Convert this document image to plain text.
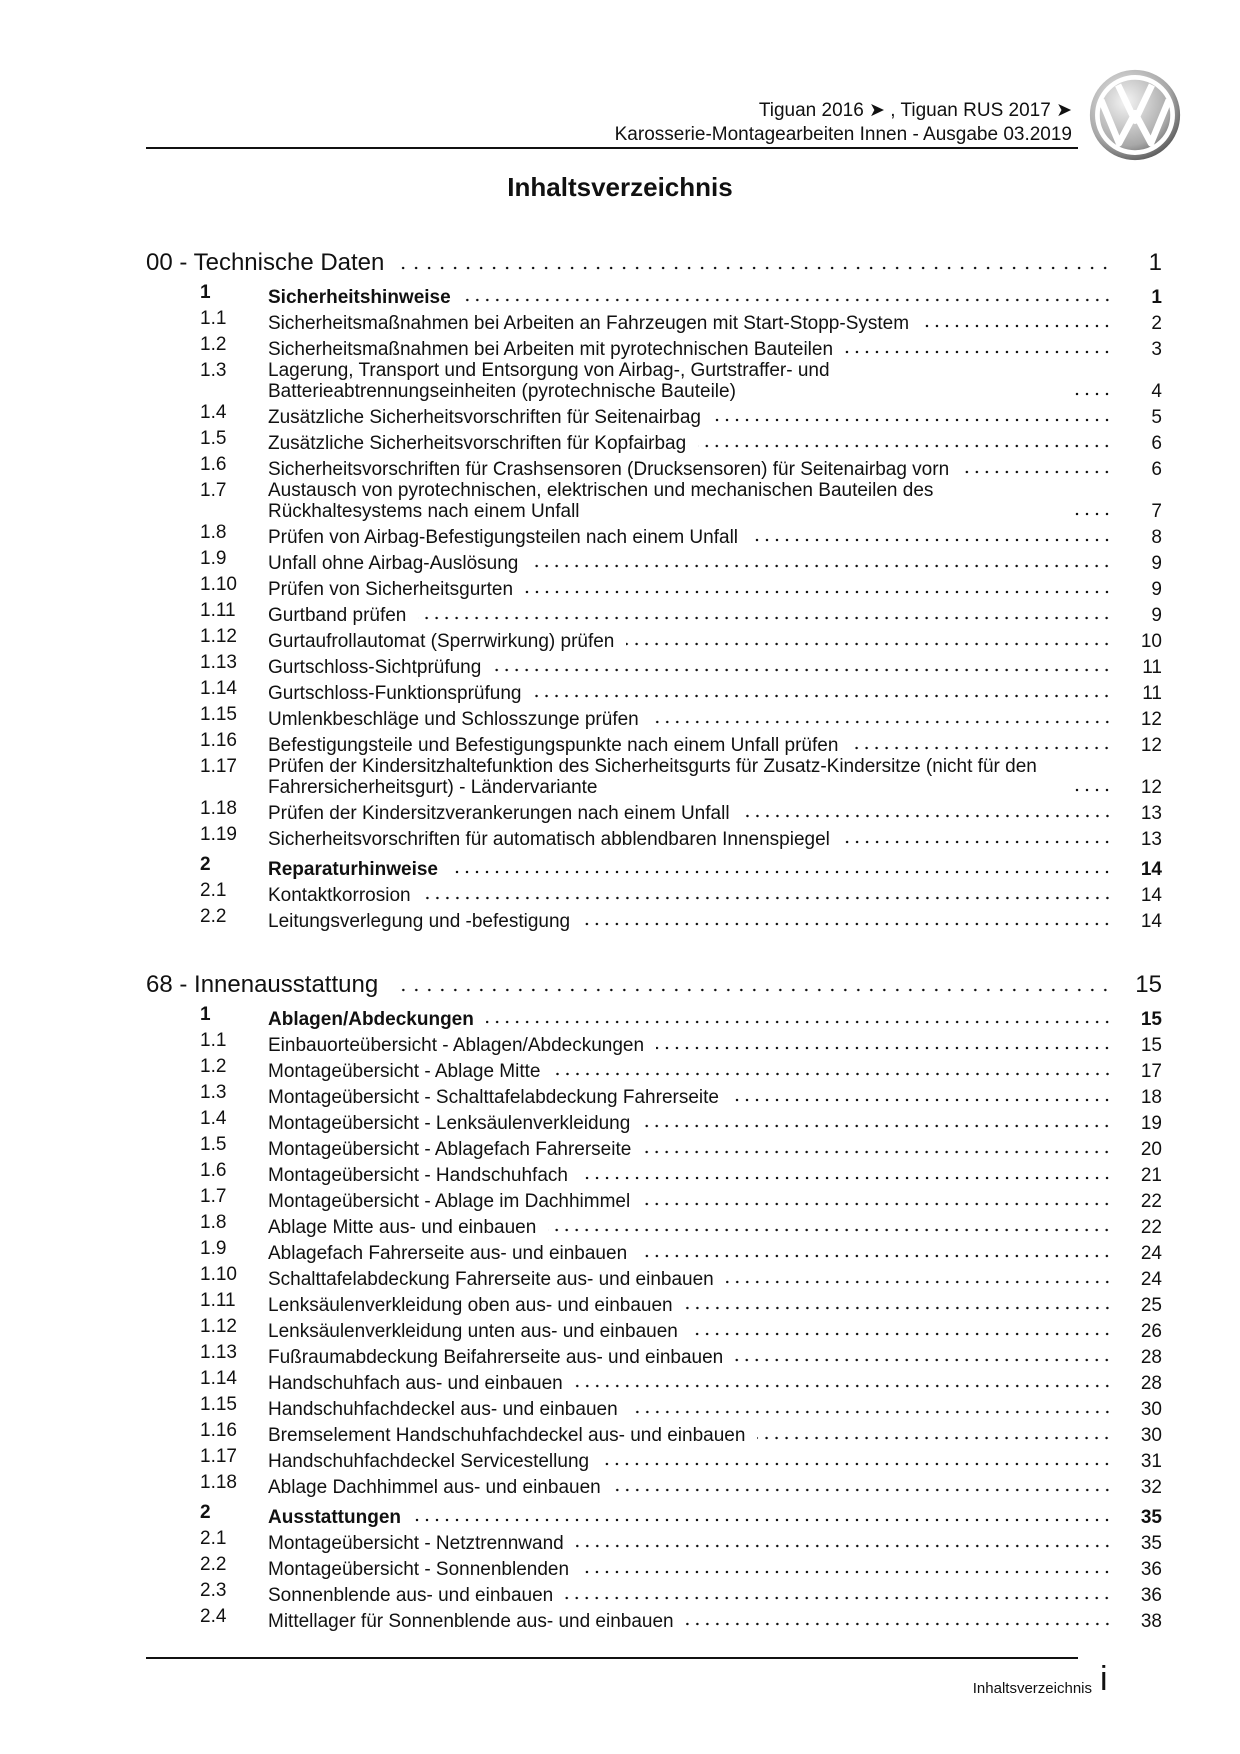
Tiguan 2016 ➤ , Tiguan RUS 2017 ➤
Karosserie-Montagearbeiten Innen - Ausgabe 03.2019
Inhaltsverzeichnis
00 - Technische Daten	1
1	Sicherheitshinweise	1
1.1 Sicherheitsmaßnahmen bei Arbeiten an Fahrzeugen mit Start-Stopp-System	2
1.2 Sicherheitsmaßnahmen bei Arbeiten mit pyrotechnischen Bauteilen	3
1.3 Lagerung, Transport und Entsorgung von Airbag-, Gurtstraffer- und Batterieabtrennungseinheiten (pyrotechnische Bauteile)	4
1.4 Zusätzliche Sicherheitsvorschriften für Seitenairbag	5
1.5 Zusätzliche Sicherheitsvorschriften für Kopfairbag	6
1.6 Sicherheitsvorschriften für Crashsensoren (Drucksensoren) für Seitenairbag vorn	6
1.7 Austausch von pyrotechnischen, elektrischen und mechanischen Bauteilen des Rückhaltesystems nach einem Unfall	7
1.8 Prüfen von Airbag-Befestigungsteilen nach einem Unfall	8
1.9 Unfall ohne Airbag-Auslösung	9
1.10 Prüfen von Sicherheitsgurten	9
1.11 Gurtband prüfen	9
1.12 Gurtaufrollautomat (Sperrwirkung) prüfen	10
1.13 Gurtschloss-Sichtprüfung	11
1.14 Gurtschloss-Funktionsprüfung	11
1.15 Umlenkbeschläge und Schlosszunge prüfen	12
1.16 Befestigungsteile und Befestigungspunkte nach einem Unfall prüfen	12
1.17 Prüfen der Kindersitzhaltefunktion des Sicherheitsgurts für Zusatz-Kindersitze (nicht für den Fahrersicherheitsgurt) - Ländervariante	12
1.18 Prüfen der Kindersitzverankerungen nach einem Unfall	13
1.19 Sicherheitsvorschriften für automatisch abblendbaren Innenspiegel	13
2	Reparaturhinweise	14
2.1 Kontaktkorrosion	14
2.2 Leitungsverlegung und -befestigung	14
68 - Innenausstattung	15
1	Ablagen/Abdeckungen	15
1.1 Einbauorteübersicht - Ablagen/Abdeckungen	15
1.2 Montageübersicht - Ablage Mitte	17
1.3 Montageübersicht - Schalttafelabdeckung Fahrerseite	18
1.4 Montageübersicht - Lenksäulenverkleidung	19
1.5 Montageübersicht - Ablagefach Fahrerseite	20
1.6 Montageübersicht - Handschuhfach	21
1.7 Montageübersicht - Ablage im Dachhimmel	22
1.8 Ablage Mitte aus- und einbauen	22
1.9 Ablagefach Fahrerseite aus- und einbauen	24
1.10 Schalttafelabdeckung Fahrerseite aus- und einbauen	24
1.11 Lenksäulenverkleidung oben aus- und einbauen	25
1.12 Lenksäulenverkleidung unten aus- und einbauen	26
1.13 Fußraumabdeckung Beifahrerseite aus- und einbauen	28
1.14 Handschuhfach aus- und einbauen	28
1.15 Handschuhfachdeckel aus- und einbauen	30
1.16 Bremselement Handschuhfachdeckel aus- und einbauen	30
1.17 Handschuhfachdeckel Servicestellung	31
1.18 Ablage Dachhimmel aus- und einbauen	32
2	Ausstattungen	35
2.1 Montageübersicht - Netztrennwand	35
2.2 Montageübersicht - Sonnenblenden	36
2.3 Sonnenblende aus- und einbauen	36
2.4 Mittellager für Sonnenblende aus- und einbauen	38
Inhaltsverzeichnis i
